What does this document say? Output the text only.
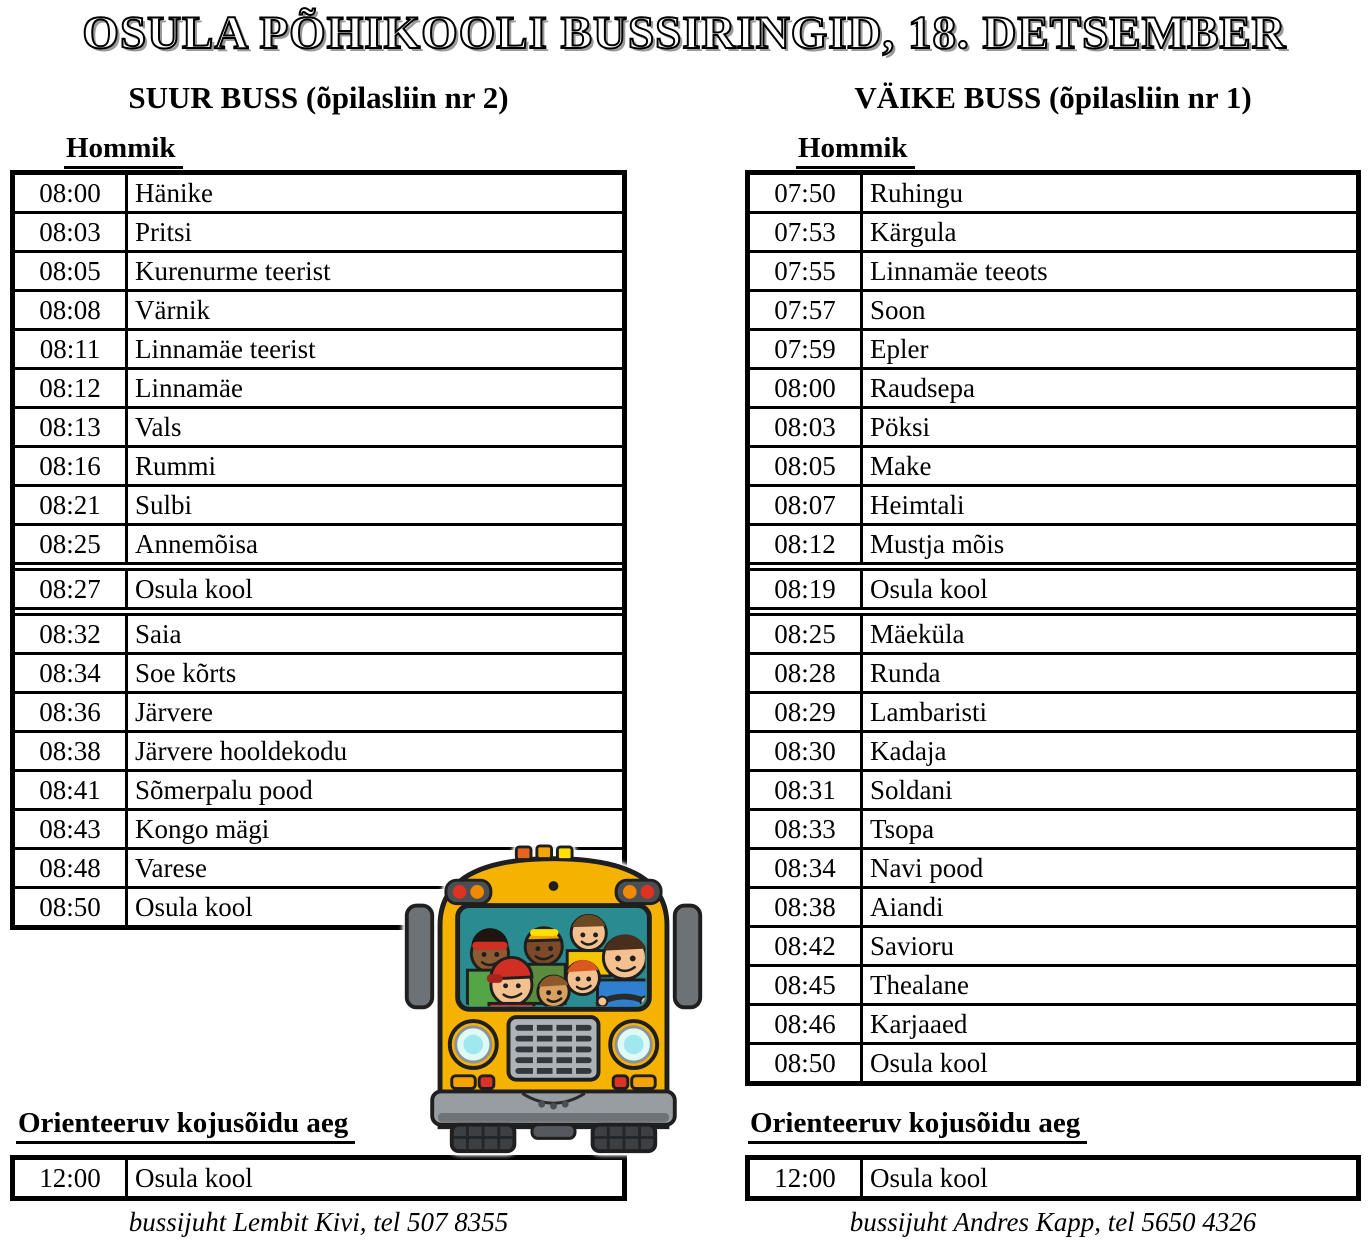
OSULA PÕHIKOOLI BUSSIRINGID, 18. DETSEMBER
SUUR BUSS (õpilasliin nr 2)	VÄIKE BUSS (õpilasliin nr 1)
Hommik	Hommik
08:00	Hänike
08:03	Pritsi
08:05	Kurenurme teerist
08:08	Värnik
08:11	Linnamäe teerist
08:12	Linnamäe
08:13	Vals
08:16	Rummi
08:21	Sulbi
08:25	Annemõisa
08:27	Osula kool
08:32	Saia
08:34	Soe kõrts
08:36	Järvere
08:38	Järvere hooldekodu
08:41	Sõmerpalu pood
08:43	Kongo mägi
08:48	Varese
08:50	Osula kool
07:50	Ruhingu
07:53	Kärgula
07:55	Linnamäe teeots
07:57	Soon
07:59	Epler
08:00	Raudsepa
08:03	Pöksi
08:05	Make
08:07	Heimtali
08:12	Mustja mõis
08:19	Osula kool
08:25	Mäeküla
08:28	Runda
08:29	Lambaristi
08:30	Kadaja
08:31	Soldani
08:33	Tsopa
08:34	Navi pood
08:38	Aiandi
08:42	Savioru
08:45	Thealane
08:46	Karjaaed
08:50	Osula kool
Orienteeruv kojusõidu aeg	Orienteeruv kojusõidu aeg
12:00	Osula kool	12:00	Osula kool
bussijuht Lembit Kivi, tel 507 8355	bussijuht Andres Kapp, tel 5650 4326
